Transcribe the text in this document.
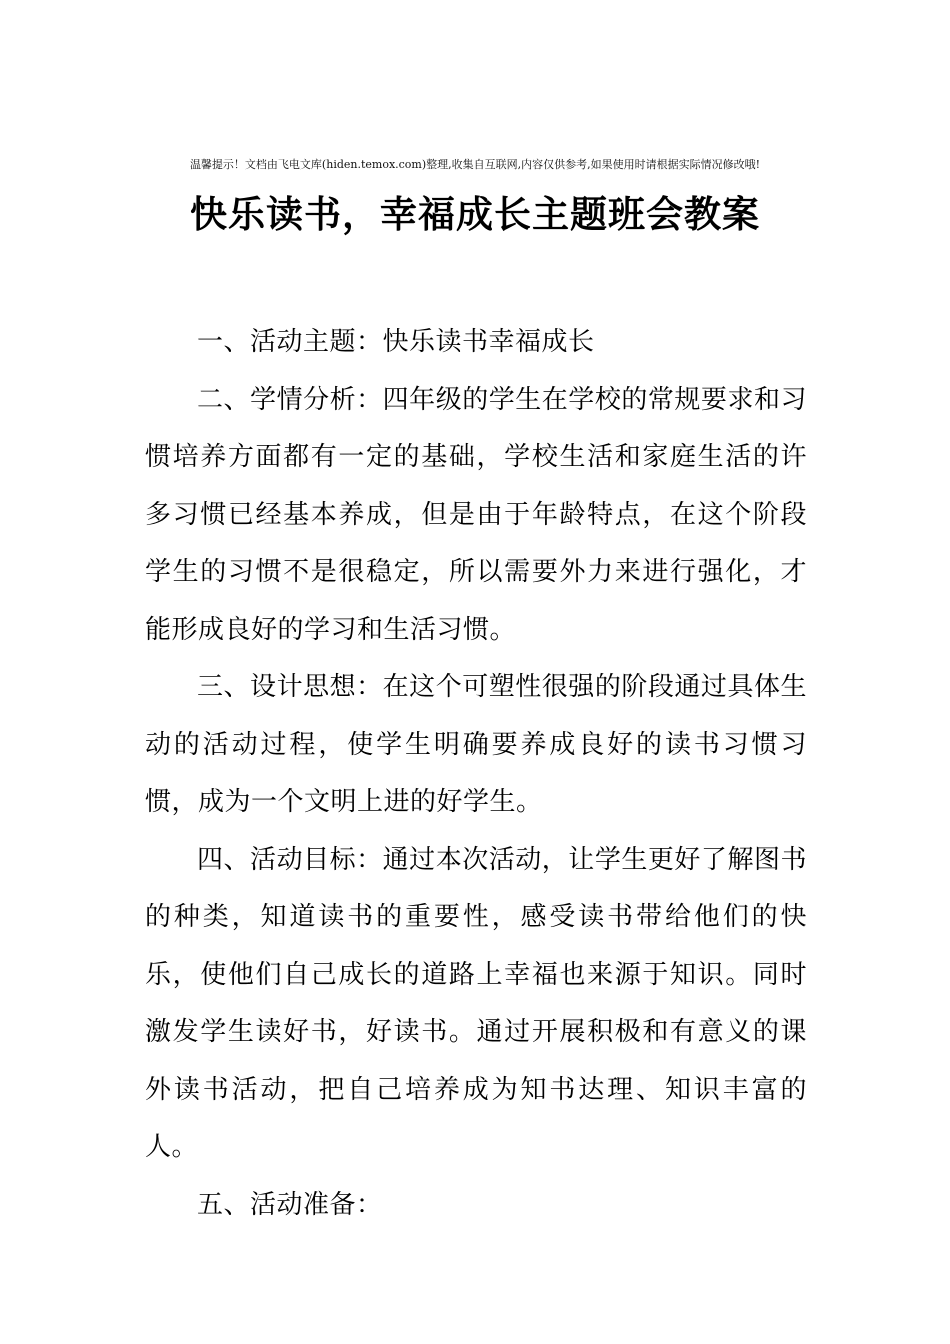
温馨提示！文档由飞电文库(hiden.temox.com)整理,收集自互联网,内容仅供参考,如果使用时请根据实际情况修改哦!
快乐读书，幸福成长主题班会教案

一、活动主题：快乐读书幸福成长

二、学情分析：四年级的学生在学校的常规要求和习惯培养方面都有一定的基础，学校生活和家庭生活的许多习惯已经基本养成，但是由于年龄特点，在这个阶段学生的习惯不是很稳定，所以需要外力来进行强化，才能形成良好的学习和生活习惯。

三、设计思想：在这个可塑性很强的阶段通过具体生动的活动过程，使学生明确要养成良好的读书习惯习惯，成为一个文明上进的好学生。

四、活动目标：通过本次活动，让学生更好了解图书的种类，知道读书的重要性，感受读书带给他们的快乐，使他们自己成长的道路上幸福也来源于知识。同时激发学生读好书，好读书。通过开展积极和有意义的课外读书活动，把自己培养成为知书达理、知识丰富的人。

五、活动准备：
